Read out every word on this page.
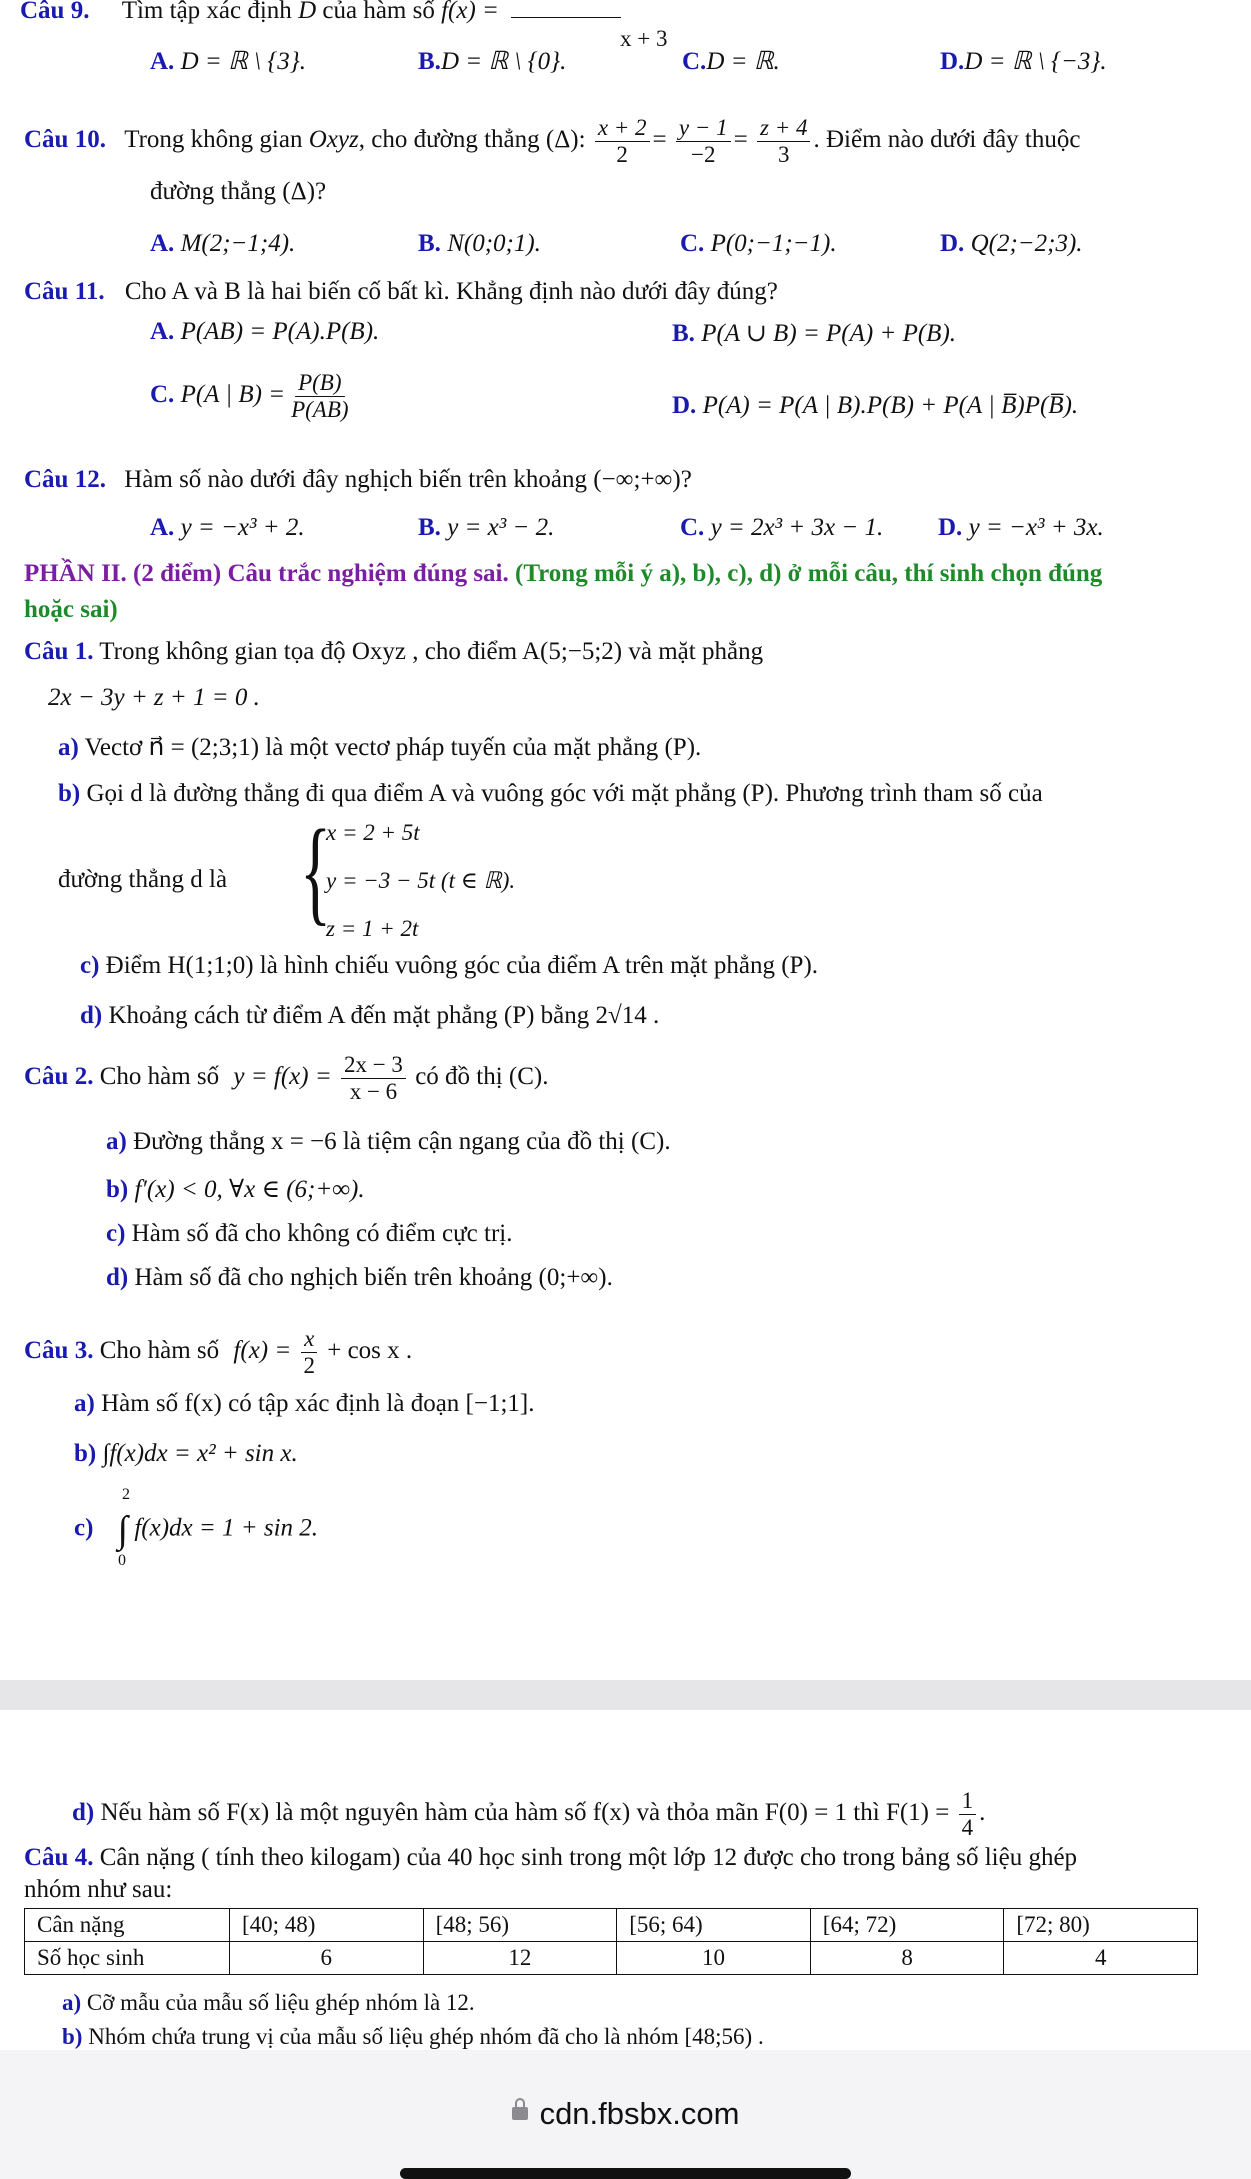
Câu 9. Tìm tập xác định D của hàm số f(x) =
x + 3
A. D = ℝ \ {3}.	B.D = ℝ \ {0}.	C.D = ℝ.	D.D = ℝ \ {−3}.
Câu 10. Trong không gian Oxyz, cho đường thẳng (Δ): $\frac{x + 2}{2} = \frac{y - 1}{-2} = \frac{z + 4}{3}$ . Điểm nào dưới đây thuộc
đường thẳng (Δ)?
A. M(2;−1;4).	B. N(0;0;1).	C. P(0;−1;−1).	D. Q(2;−2;3).
Câu 11. Cho A và B là hai biến cố bất kì. Khẳng định nào dưới đây đúng?
A. P(AB) = P(A).P(B).	B. P(A ∪ B) = P(A) + P(B).
C. P(A | $B) = \frac{P(B)}{P(AB)}$	D. P(A) = P(A | B).P(B) + P(A | B̅)P(B̅).
Câu 12. Hàm số nào dưới đây nghịch biến trên khoảng (−∞;+∞)?
A. y = −x³ + 2.	B. y = x³ − 2.	C. y = 2x³ + 3x − 1. D. y = −x³ + 3x.
PHẦN II. (2 điểm) Câu trắc nghiệm đúng sai. (Trong mỗi ý a), b), c), d) ở mỗi câu, thí sinh chọn đúng
hoặc sai)
Câu 1. Trong không gian tọa độ Oxyz , cho điểm A(5;−5;2) và mặt phẳng
2x − 3y + z + 1 = 0 .
a) Vectơ n⃗ = (2;3;1) là một vectơ pháp tuyến của mặt phẳng (P).
b) Gọi d là đường thẳng đi qua điểm A và vuông góc với mặt phẳng (P). Phương trình tham số của
đường thẳng d là {
x = 2 + 5t
y = −3 − 5t (t ∈ ℝ).
z = 1 + 2t
c) Điểm H(1;1;0) là hình chiếu vuông góc của điểm A trên mặt phẳng (P).
d) Khoảng cách từ điểm A đến mặt phẳng (P) bằng 2√14 .
Câu 2. Cho hàm số $y = f(x) = \frac{2x - 3}{x - 6}$ có đồ thị (C).
a) Đường thẳng x = −6 là tiệm cận ngang của đồ thị (C).
b) f′(x) < 0, ∀x ∈ (6;+∞).
c) Hàm số đã cho không có điểm cực trị.
d) Hàm số đã cho nghịch biến trên khoảng (0;+∞).
Câu 3. Cho hàm số $f(x) = \frac{x}{2} + \cos x$ .
a) Hàm số f(x) có tập xác định là đoạn [−1;1].
b) ∫f(x)dx = x² + sin x.
c) ∫ f(x)dx = 1 + sin 2.
2
0
d) Nếu hàm số F(x) là một nguyên hàm của hàm số f(x) và thỏa mãn F(0) = 1 thì $F(1) = \frac{1}{4}$ .
Câu 4. Cân nặng ( tính theo kilogam) của 40 học sinh trong một lớp 12 được cho trong bảng số liệu ghép
nhóm như sau:
Cân nặng	[40; 48)	[48; 56)	[56; 64)	[64; 72)	[72; 80)
Số học sinh	6	12	10	8	4
a) Cỡ mẫu của mẫu số liệu ghép nhóm là 12.
b) Nhóm chứa trung vị của mẫu số liệu ghép nhóm đã cho là nhóm [48;56) .
cdn.fbsbx.com
